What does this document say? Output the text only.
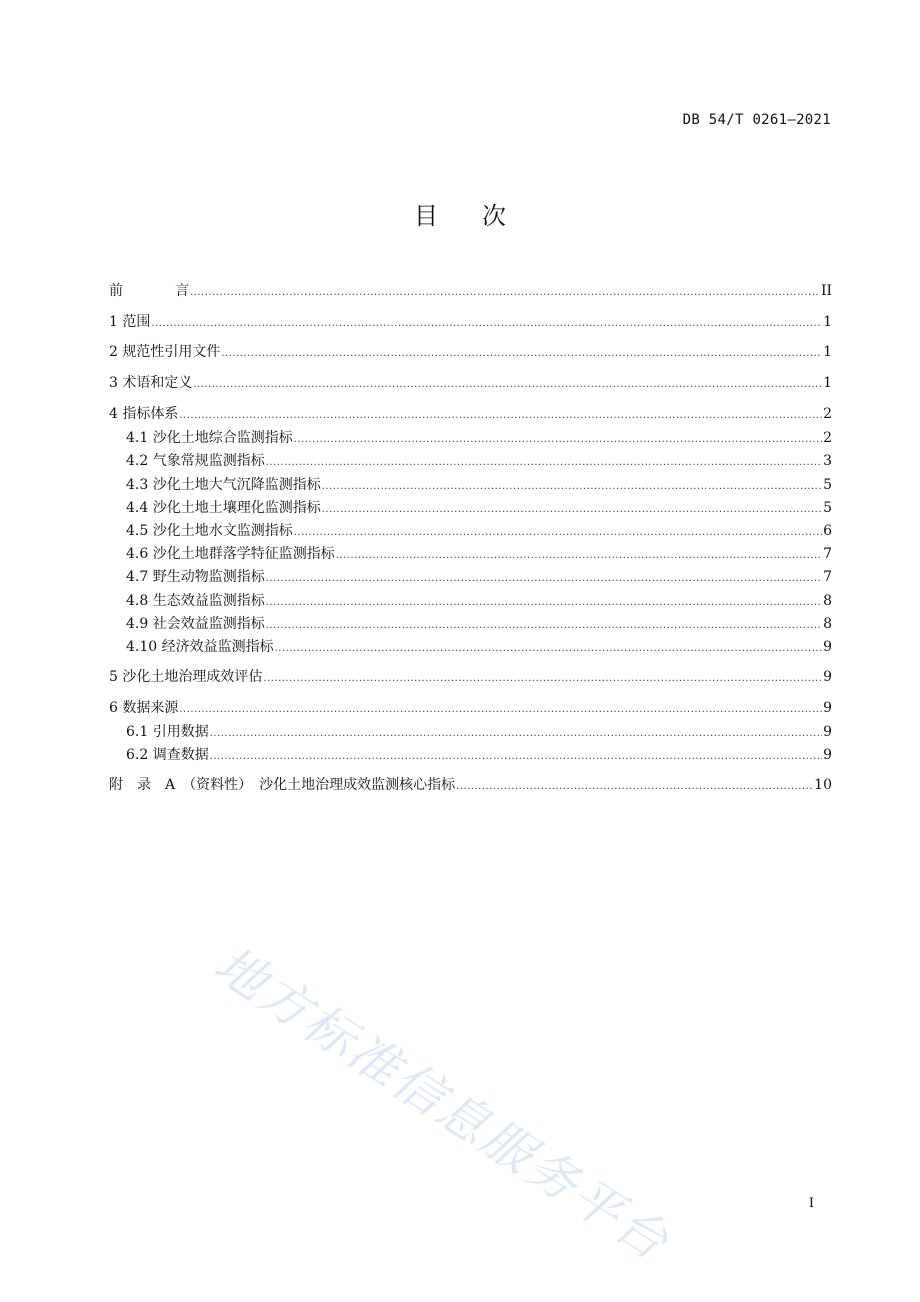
DB 54/T 0261—2021
目 次
前	言 .....	II
1 范围 .....	1
2 规范性引用文件 .....	1
3 术语和定义 .....	1
4 指标体系 .....	2
4.1 沙化土地综合监测指标 .....	2
4.2 气象常规监测指标 .....	3
4.3 沙化土地大气沉降监测指标 .....	5
4.4 沙化土地土壤理化监测指标 .....	5
4.5 沙化土地水文监测指标 .....	6
4.6 沙化土地群落学特征监测指标 .....	7
4.7 野生动物监测指标 .....	7
4.8 生态效益监测指标 .....	8
4.9 社会效益监测指标 .....	8
4.10 经济效益监测指标 .....	9
5 沙化土地治理成效评估 .....	9
6 数据来源 .....	9
6.1 引用数据 .....	9
6.2 调查数据 .....	9
附　录　A　（资料性）　沙化土地治理成效监测核心指标 .....	10
地方标准信息服务平台	I
